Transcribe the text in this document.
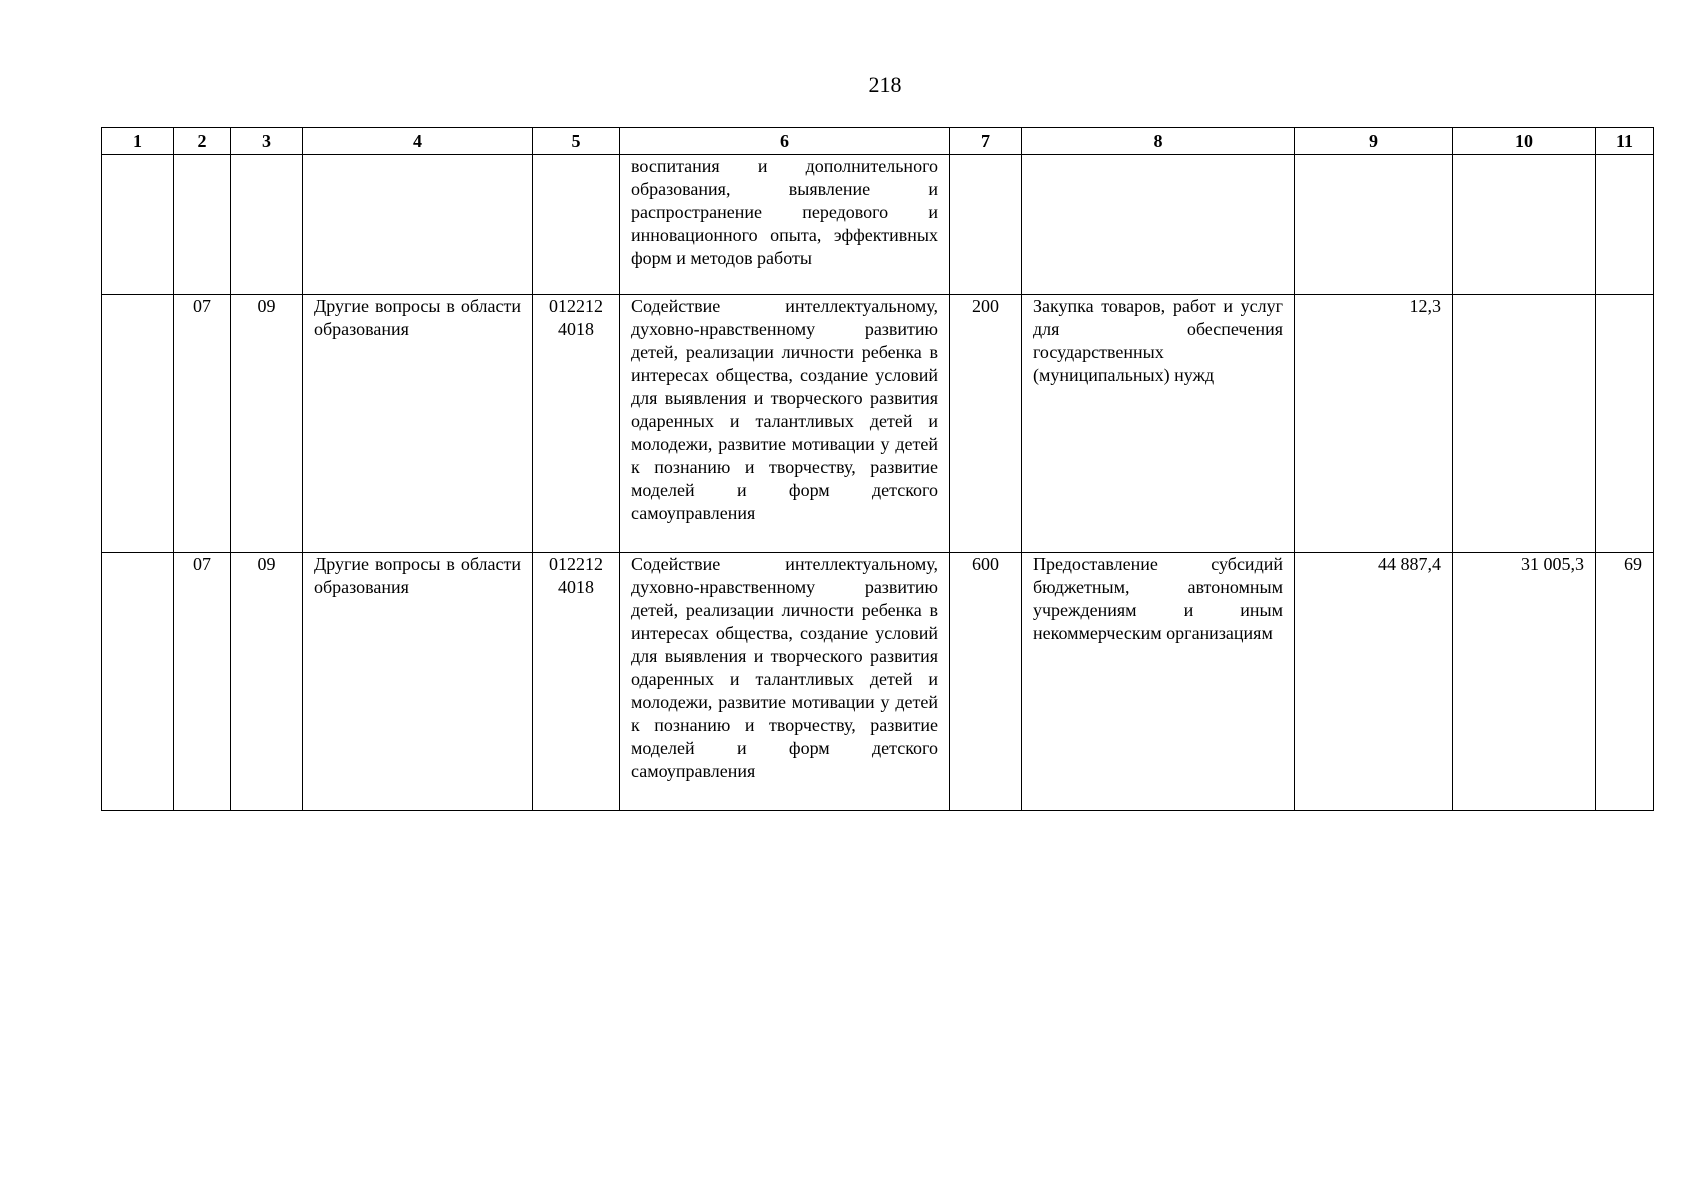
218
1	2	3	4	5	6	7	8	9	10	11
					воспитания и дополнительного образования, выявление и распространение передового и инновационного опыта, эффективных форм и методов работы					
	07	09	Другие вопросы в области образования	012212 4018	Содействие интеллектуальному, духовно-нравственному развитию детей, реализации личности ребенка в интересах общества, создание условий для выявления и творческого развития одаренных и талантливых детей и молодежи, развитие мотивации у детей к познанию и творчеству, развитие моделей и форм детского самоуправления	200	Закупка товаров, работ и услуг для обеспечения государственных (муниципальных) нужд	12,3		
	07	09	Другие вопросы в области образования	012212 4018	Содействие интеллектуальному, духовно-нравственному развитию детей, реализации личности ребенка в интересах общества, создание условий для выявления и творческого развития одаренных и талантливых детей и молодежи, развитие мотивации у детей к познанию и творчеству, развитие моделей и форм детского самоуправления	600	Предоставление субсидий бюджетным, автономным учреждениям и иным некоммерческим организациям	44 887,4	31 005,3	69
